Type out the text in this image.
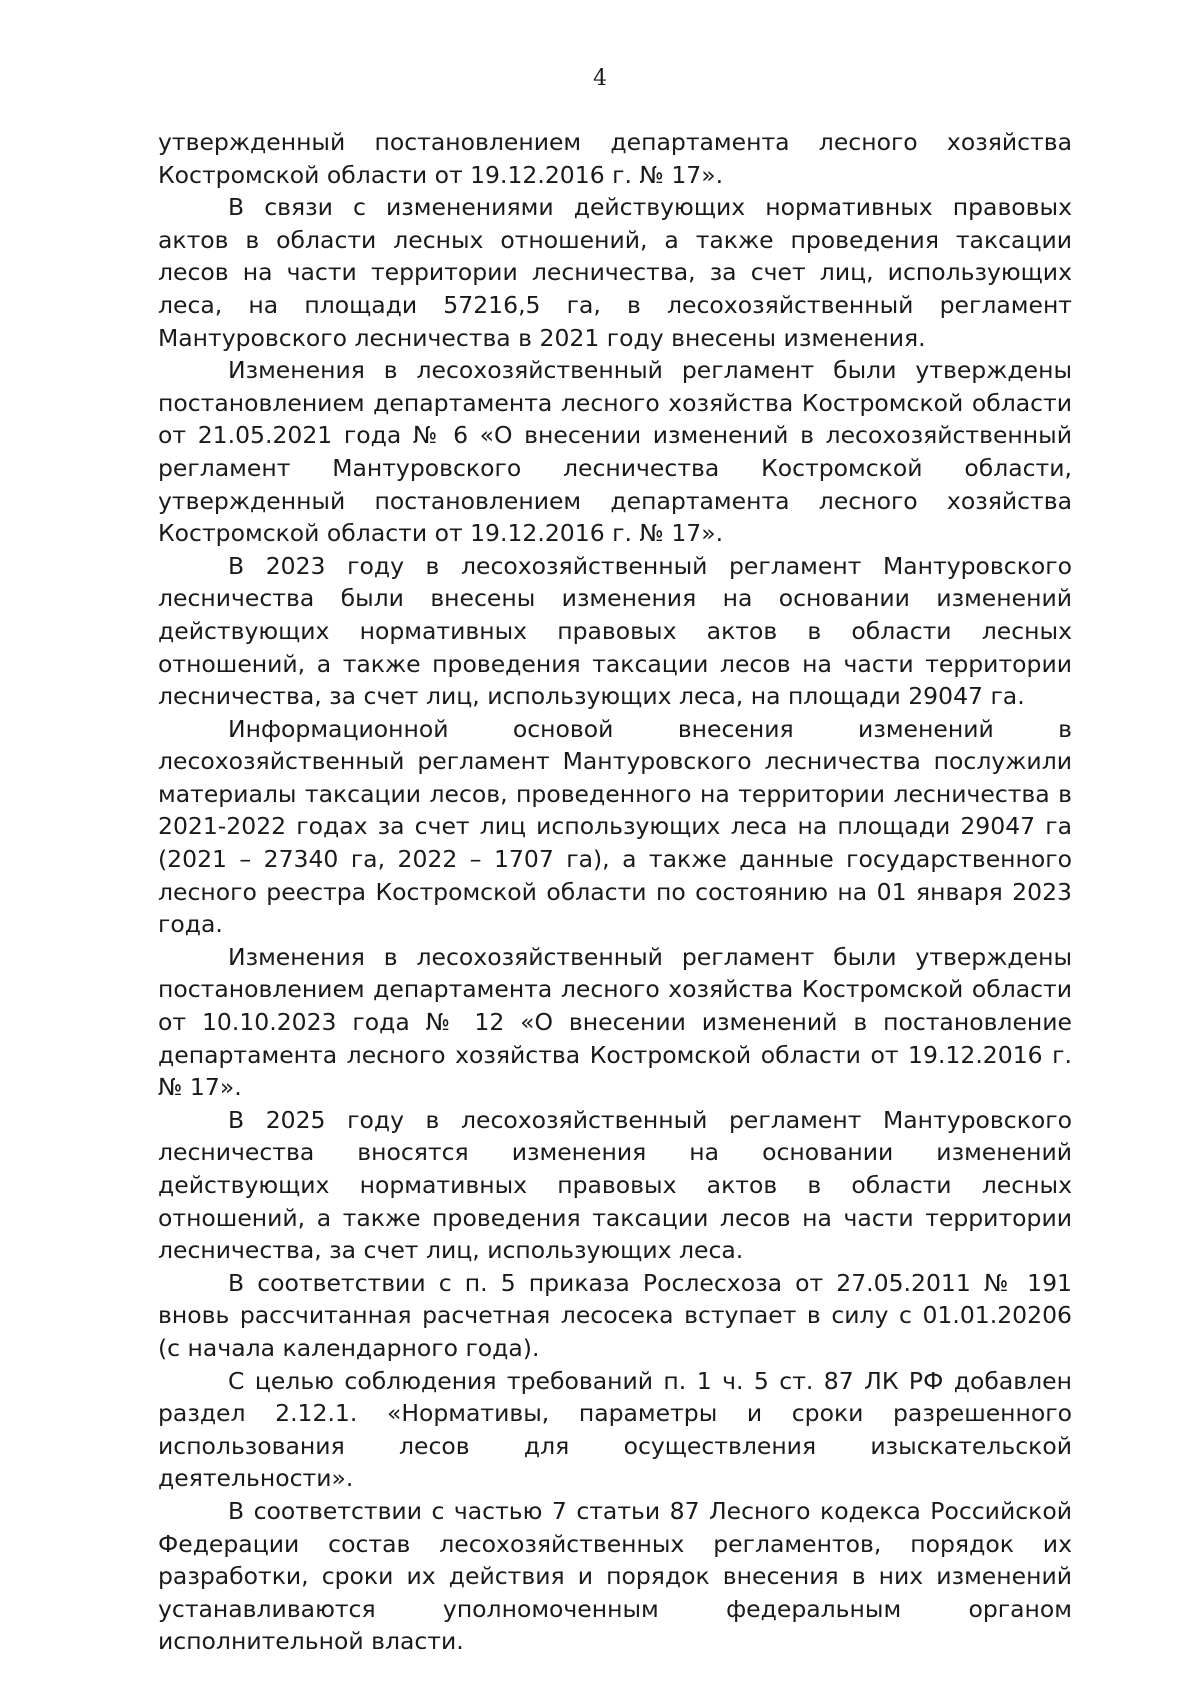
4

утвержденный постановлением департамента лесного хозяйства Костромской области от 19.12.2016 г. № 17».

В связи с изменениями действующих нормативных правовых актов в области лесных отношений, а также проведения таксации лесов на части территории лесничества, за счет лиц, использующих леса, на площади 57216,5 га, в лесохозяйственный регламент Мантуровского лесничества в 2021 году внесены изменения.

Изменения в лесохозяйственный регламент были утверждены постановлением департамента лесного хозяйства Костромской области от 21.05.2021 года № 6 «О внесении изменений в лесохозяйственный регламент Мантуровского лесничества Костромской области, утвержденный постановлением департамента лесного хозяйства Костромской области от 19.12.2016 г. № 17».

В 2023 году в лесохозяйственный регламент Мантуровского лесничества были внесены изменения на основании изменений действующих нормативных правовых актов в области лесных отношений, а также проведения таксации лесов на части территории лесничества, за счет лиц, использующих леса, на площади 29047 га.

Информационной основой внесения изменений в лесохозяйственный регламент Мантуровского лесничества послужили материалы таксации лесов, проведенного на территории лесничества в 2021-2022 годах за счет лиц использующих леса на площади 29047 га (2021 – 27340 га, 2022 – 1707 га), а также данные государственного лесного реестра Костромской области по состоянию на 01 января 2023 года.

Изменения в лесохозяйственный регламент были утверждены постановлением департамента лесного хозяйства Костромской области от 10.10.2023 года № 12 «О внесении изменений в постановление департамента лесного хозяйства Костромской области от 19.12.2016 г. № 17».

В 2025 году в лесохозяйственный регламент Мантуровского лесничества вносятся изменения на основании изменений действующих нормативных правовых актов в области лесных отношений, а также проведения таксации лесов на части территории лесничества, за счет лиц, использующих леса.

В соответствии с п. 5 приказа Рослесхоза от 27.05.2011 № 191 вновь рассчитанная расчетная лесосека вступает в силу с 01.01.20206 (с начала календарного года).

С целью соблюдения требований п. 1 ч. 5 ст. 87 ЛК РФ добавлен раздел 2.12.1. «Нормативы, параметры и сроки разрешенного использования лесов для осуществления изыскательской деятельности».

В соответствии с частью 7 статьи 87 Лесного кодекса Российской Федерации состав лесохозяйственных регламентов, порядок их разработки, сроки их действия и порядок внесения в них изменений устанавливаются уполномоченным федеральным органом исполнительной власти.
